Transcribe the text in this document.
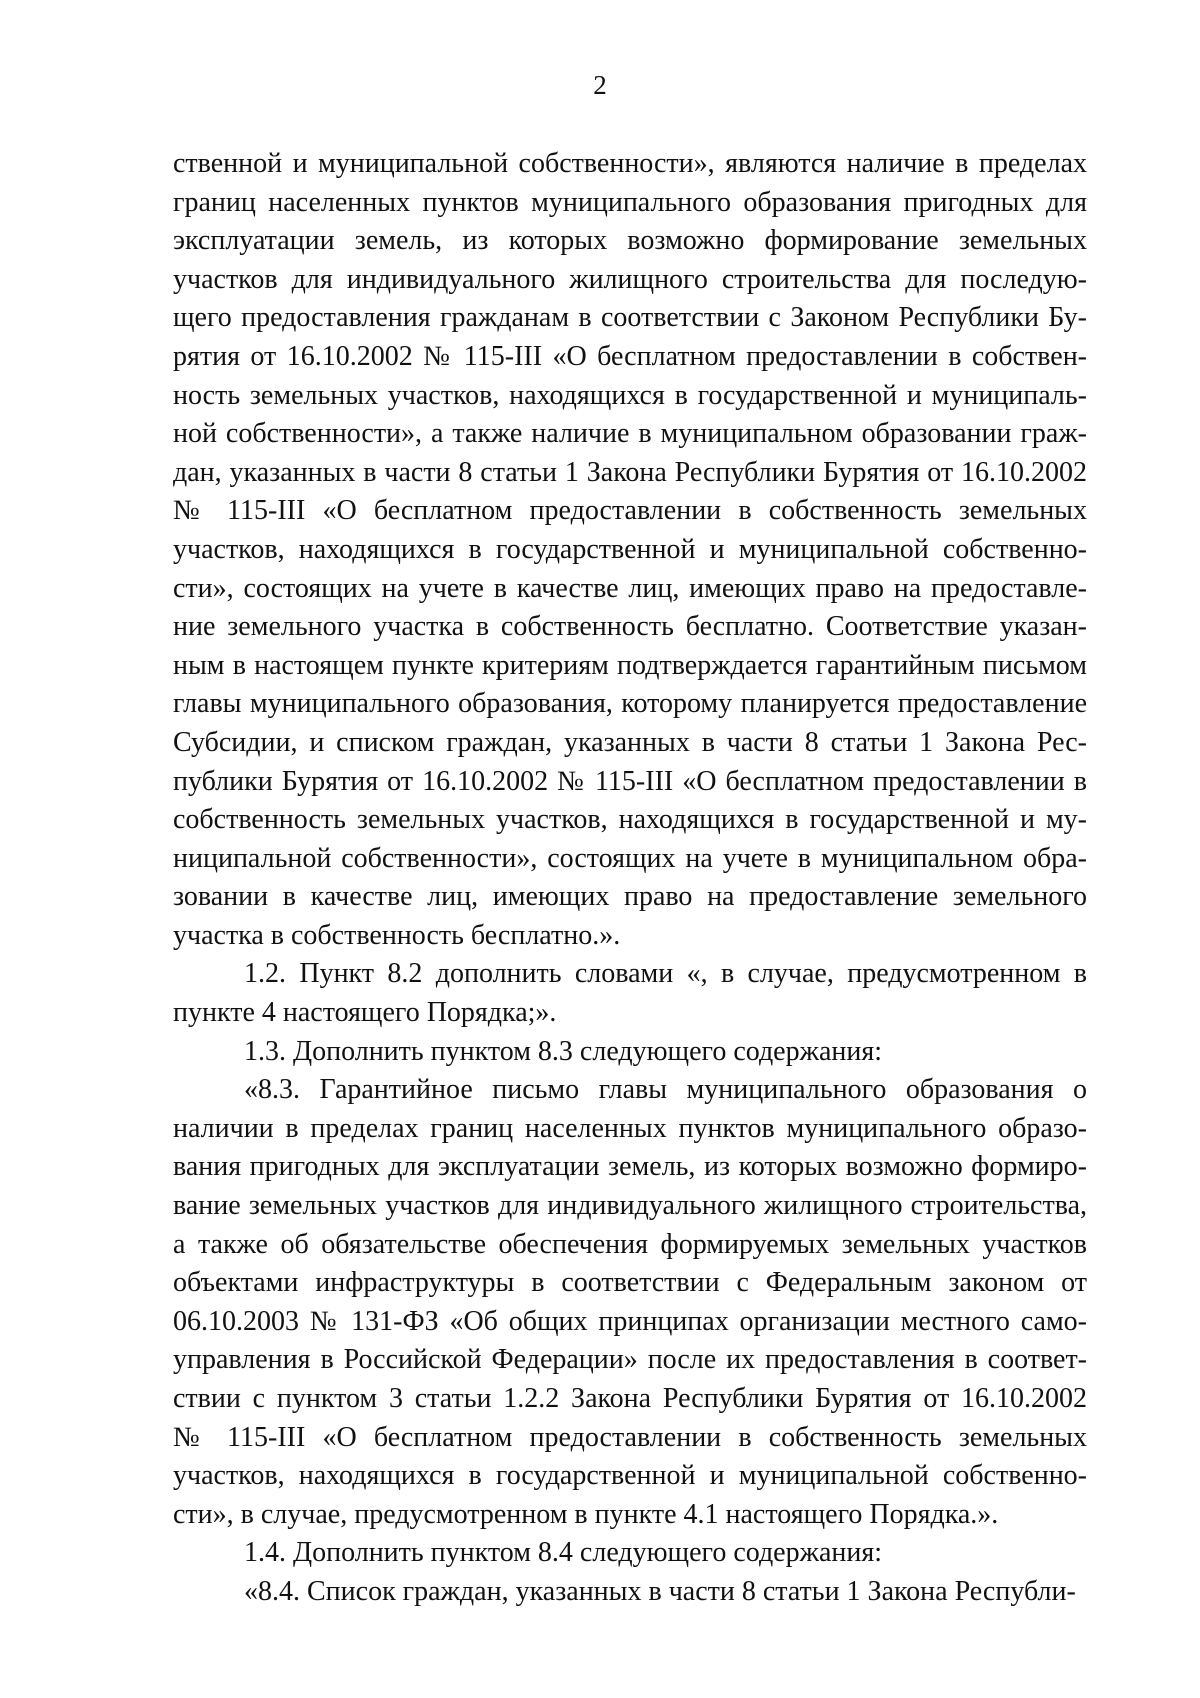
2
ственной и муниципальной собственности», являются наличие в пределах
границ населенных пунктов муниципального образования пригодных для
эксплуатации земель, из которых возможно формирование земельных
участков для индивидуального жилищного строительства для последую-
щего предоставления гражданам в соответствии с Законом Республики Бу-
рятия от 16.10.2002 № 115-III «О бесплатном предоставлении в собствен-
ность земельных участков, находящихся в государственной и муниципаль-
ной собственности», а также наличие в муниципальном образовании граж-
дан, указанных в части 8 статьи 1 Закона Республики Бурятия от 16.10.2002
№ 115-III «О бесплатном предоставлении в собственность земельных
участков, находящихся в государственной и муниципальной собственно-
сти», состоящих на учете в качестве лиц, имеющих право на предоставле-
ние земельного участка в собственность бесплатно. Соответствие указан-
ным в настоящем пункте критериям подтверждается гарантийным письмом
главы муниципального образования, которому планируется предоставление
Субсидии, и списком граждан, указанных в части 8 статьи 1 Закона Рес-
публики Бурятия от 16.10.2002 № 115-III «О бесплатном предоставлении в
собственность земельных участков, находящихся в государственной и му-
ниципальной собственности», состоящих на учете в муниципальном обра-
зовании в качестве лиц, имеющих право на предоставление земельного
участка в собственность бесплатно.».
1.2. Пункт 8.2 дополнить словами «, в случае, предусмотренном в
пункте 4 настоящего Порядка;».
1.3. Дополнить пунктом 8.3 следующего содержания:
«8.3. Гарантийное письмо главы муниципального образования о
наличии в пределах границ населенных пунктов муниципального образо-
вания пригодных для эксплуатации земель, из которых возможно формиро-
вание земельных участков для индивидуального жилищного строительства,
а также об обязательстве обеспечения формируемых земельных участков
объектами инфраструктуры в соответствии с Федеральным законом от
06.10.2003 № 131-ФЗ «Об общих принципах организации местного само-
управления в Российской Федерации» после их предоставления в соответ-
ствии с пунктом 3 статьи 1.2.2 Закона Республики Бурятия от 16.10.2002
№ 115-III «О бесплатном предоставлении в собственность земельных
участков, находящихся в государственной и муниципальной собственно-
сти», в случае, предусмотренном в пункте 4.1 настоящего Порядка.».
1.4. Дополнить пунктом 8.4 следующего содержания:
«8.4. Список граждан, указанных в части 8 статьи 1 Закона Республи-
